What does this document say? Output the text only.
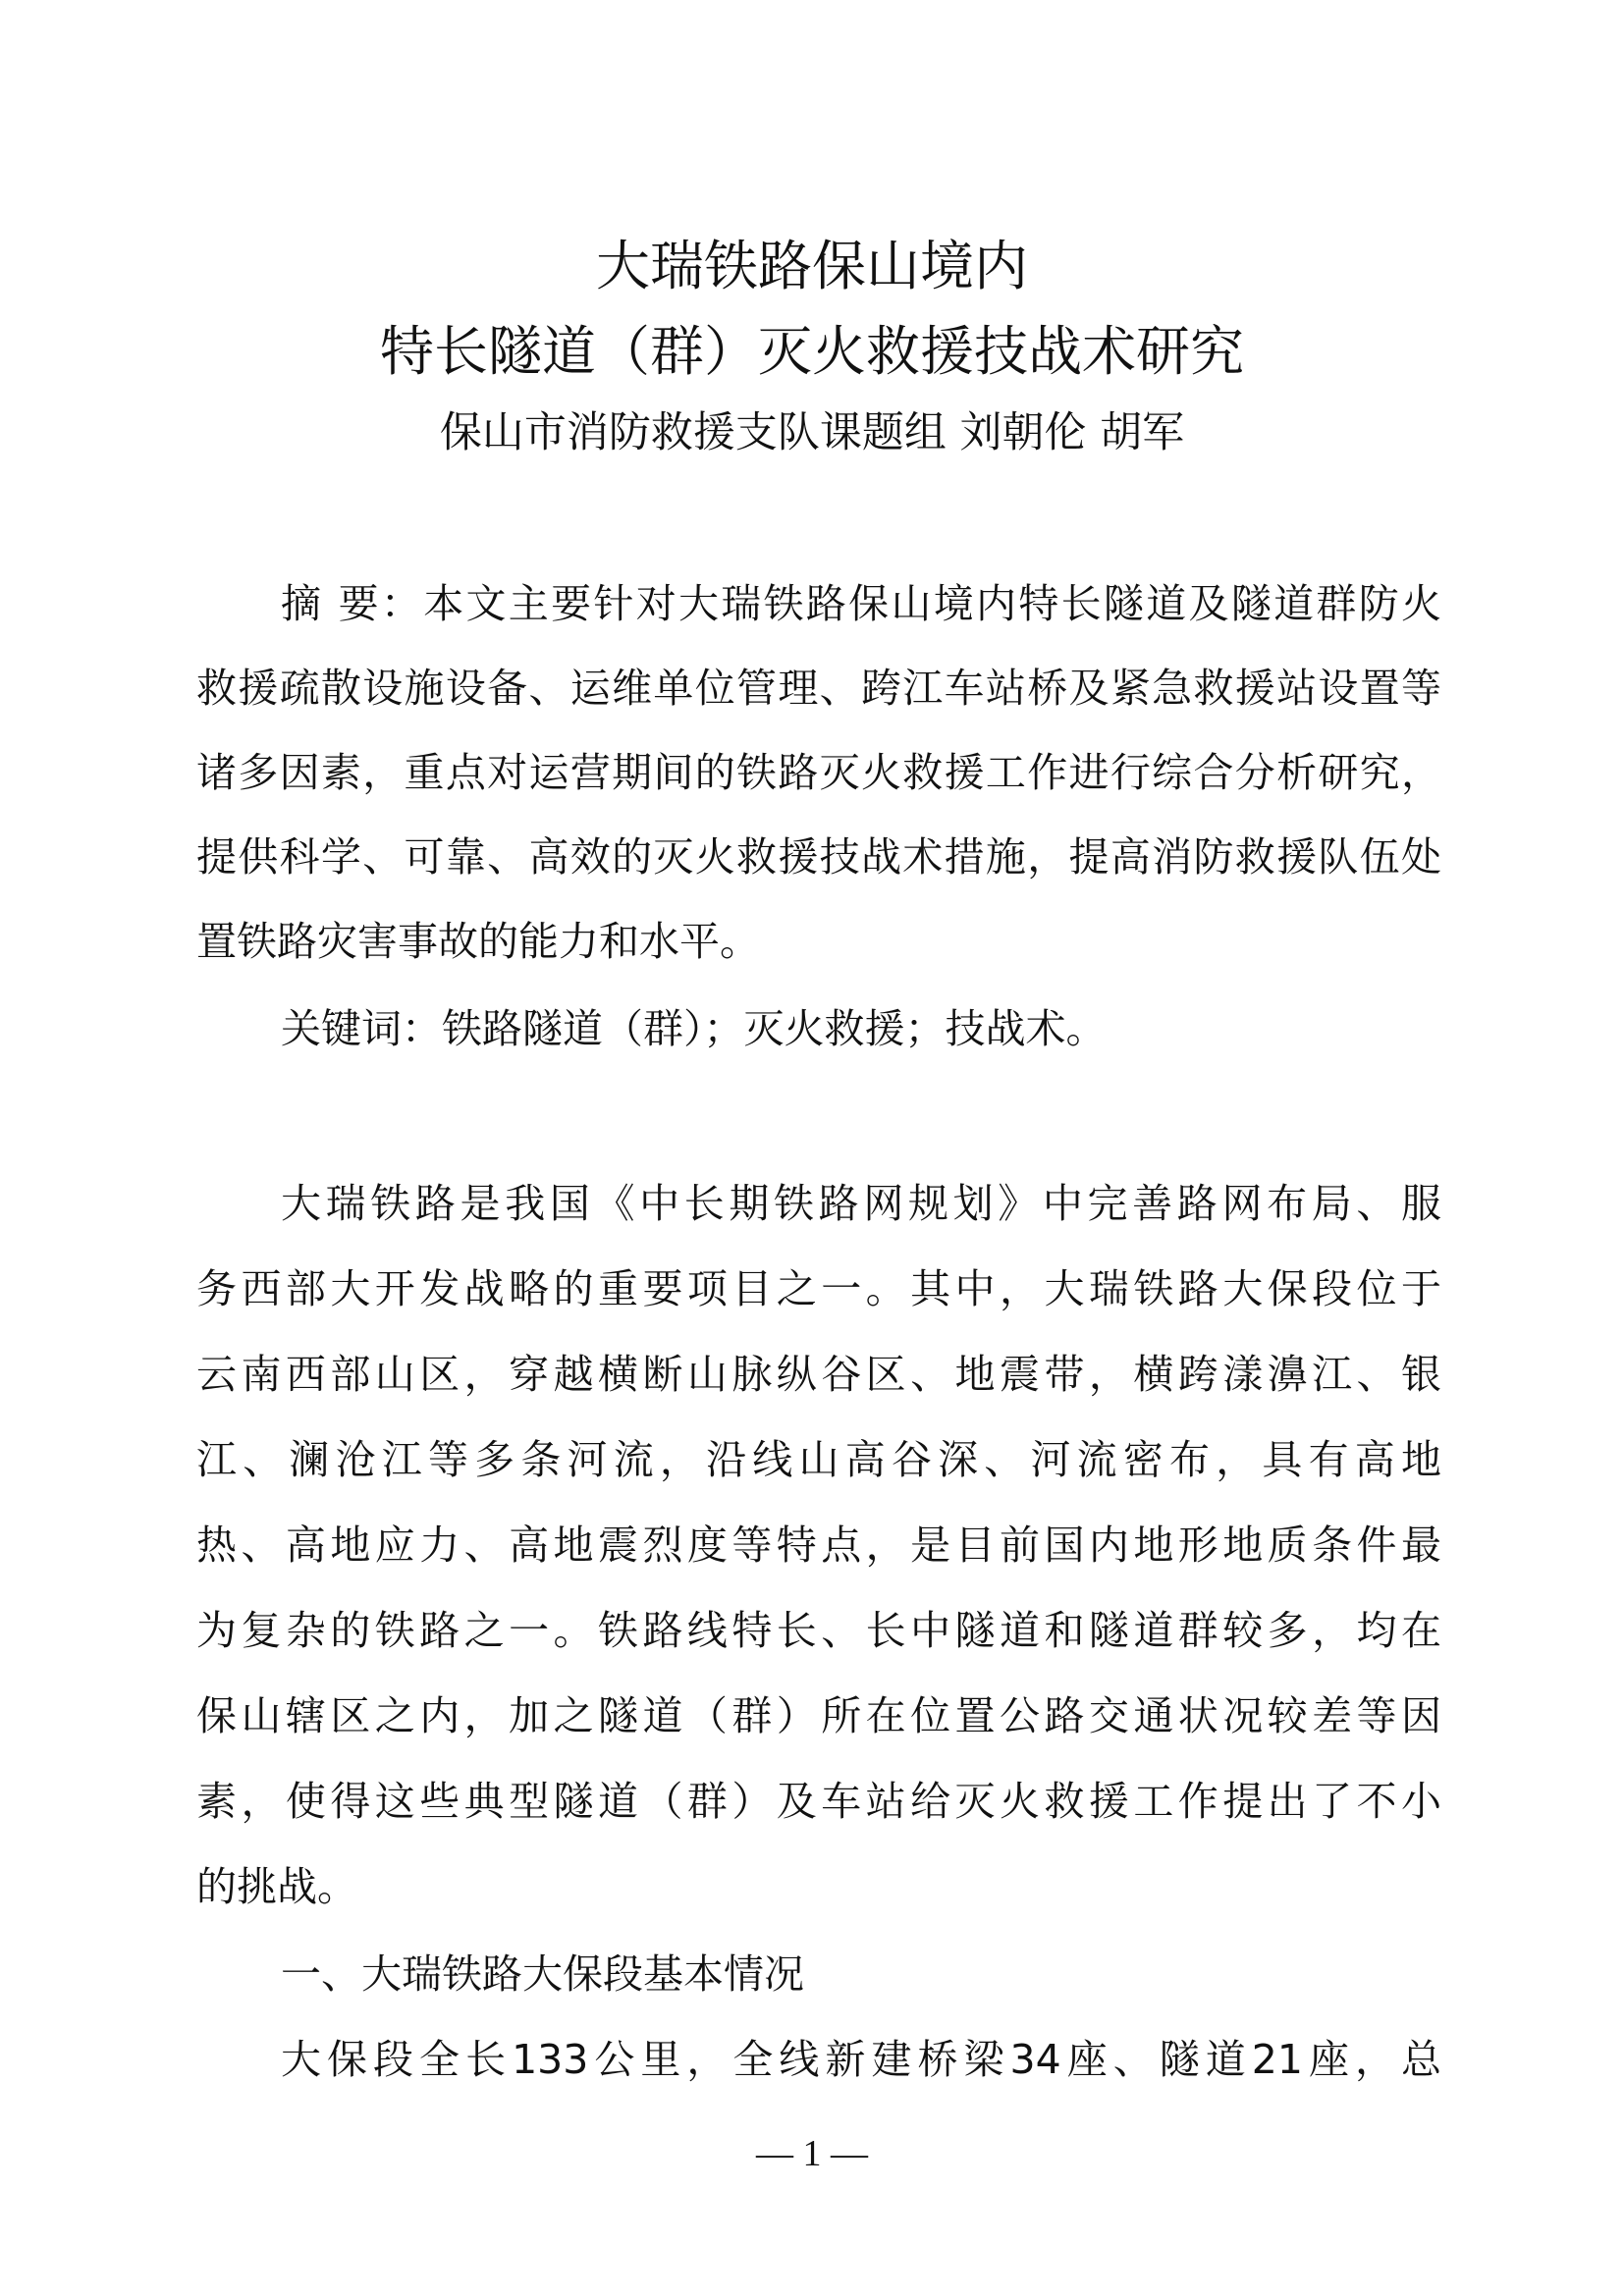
大瑞铁路保山境内
特长隧道（群）灭火救援技战术研究
保山市消防救援支队课题组 刘朝伦 胡军
摘 要：本文主要针对大瑞铁路保山境内特长隧道及隧道群防火
救援疏散设施设备、运维单位管理、跨江车站桥及紧急救援站设置等
诸多因素，重点对运营期间的铁路灭火救援工作进行综合分析研究，
提供科学、可靠、高效的灭火救援技战术措施，提高消防救援队伍处
置铁路灾害事故的能力和水平。
关键词：铁路隧道（群）；灭火救援；技战术。
大瑞铁路是我国《中长期铁路网规划》中完善路网布局、服
务西部大开发战略的重要项目之一。其中，大瑞铁路大保段位于
云南西部山区，穿越横断山脉纵谷区、地震带，横跨漾濞江、银
江、澜沧江等多条河流，沿线山高谷深、河流密布，具有高地
热、高地应力、高地震烈度等特点，是目前国内地形地质条件最
为复杂的铁路之一。铁路线特长、长中隧道和隧道群较多，均在
保山辖区之内，加之隧道（群）所在位置公路交通状况较差等因
素，使得这些典型隧道（群）及车站给灭火救援工作提出了不小
的挑战。
一、大瑞铁路大保段基本情况
大保段全长133公里，全线新建桥梁34座、隧道21座，总
— 1 —
